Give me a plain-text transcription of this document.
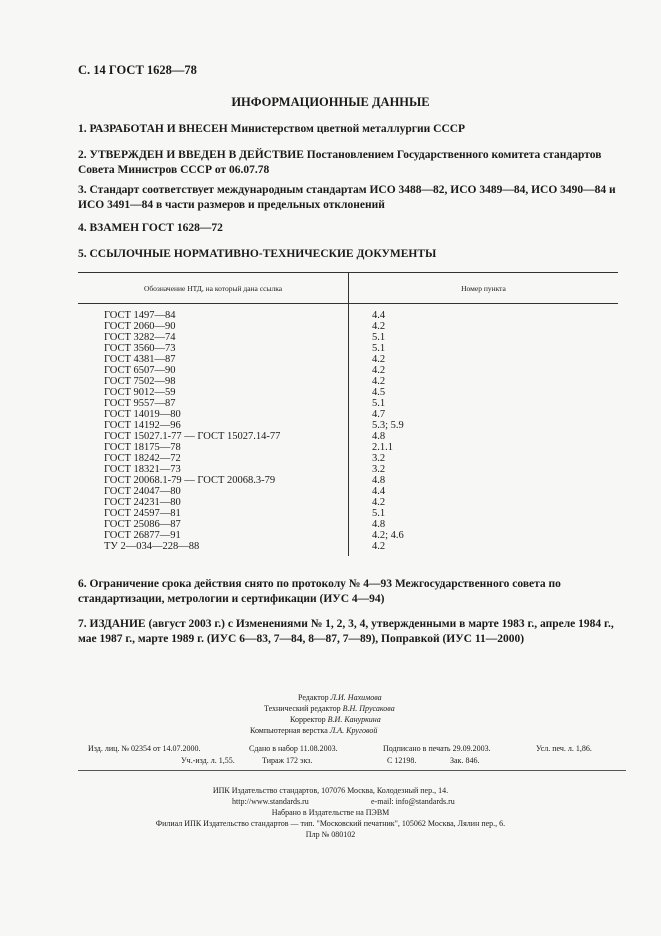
С. 14 ГОСТ 1628—78
ИНФОРМАЦИОННЫЕ ДАННЫЕ
1. РАЗРАБОТАН И ВНЕСЕН Министерством цветной металлургии СССР
2. УТВЕРЖДЕН И ВВЕДЕН В ДЕЙСТВИЕ Постановлением Государственного комитета стандартов Совета Министров СССР от 06.07.78
3. Стандарт соответствует международным стандартам ИСО 3488—82, ИСО 3489—84, ИСО 3490—84 и ИСО 3491—84 в части размеров и предельных отклонений
4. ВЗАМЕН ГОСТ 1628—72
5. ССЫЛОЧНЫЕ НОРМАТИВНО-ТЕХНИЧЕСКИЕ ДОКУМЕНТЫ
Обозначение НТД, на который дана ссылка	Номер пункта
ГОСТ 1497—84	4.4
ГОСТ 2060—90	4.2
ГОСТ 3282—74	5.1
ГОСТ 3560—73	5.1
ГОСТ 4381—87	4.2
ГОСТ 6507—90	4.2
ГОСТ 7502—98	4.2
ГОСТ 9012—59	4.5
ГОСТ 9557—87	5.1
ГОСТ 14019—80	4.7
ГОСТ 14192—96	5.3; 5.9
ГОСТ 15027.1-77 — ГОСТ 15027.14-77	4.8
ГОСТ 18175—78	2.1.1
ГОСТ 18242—72	3.2
ГОСТ 18321—73	3.2
ГОСТ 20068.1-79 — ГОСТ 20068.3-79	4.8
ГОСТ 24047—80	4.4
ГОСТ 24231—80	4.2
ГОСТ 24597—81	5.1
ГОСТ 25086—87	4.8
ГОСТ 26877—91	4.2; 4.6
ТУ 2—034—228—88	4.2
6. Ограничение срока действия снято по протоколу № 4—93 Межгосударственного совета по стандартизации, метрологии и сертификации (ИУС 4—94)
7. ИЗДАНИЕ (август 2003 г.) с Изменениями № 1, 2, 3, 4, утвержденными в марте 1983 г., апреле 1984 г., мае 1987 г., марте 1989 г. (ИУС 6—83, 7—84, 8—87, 7—89), Поправкой (ИУС 11—2000)
Редактор Л.И. Нахимова
Технический редактор В.Н. Прусакова
Корректор В.И. Кануркина
Компьютерная верстка Л.А. Круговой
Изд. лиц. № 02354 от 14.07.2000.	Сдано в набор 11.08.2003.	Подписано в печать 29.09.2003.	Усл. печ. л. 1,86.
Уч.-изд. л. 1,55.	Тираж 172 экз.	С 12198.	Зак. 846.
ИПК Издательство стандартов, 107076 Москва, Колодезный пер., 14.
http://www.standards.ru	e-mail: info@standards.ru
Набрано в Издательстве на ПЭВМ
Филиал ИПК Издательство стандартов — тип. "Московский печатник", 105062 Москва, Лялин пер., 6.
Плр № 080102
